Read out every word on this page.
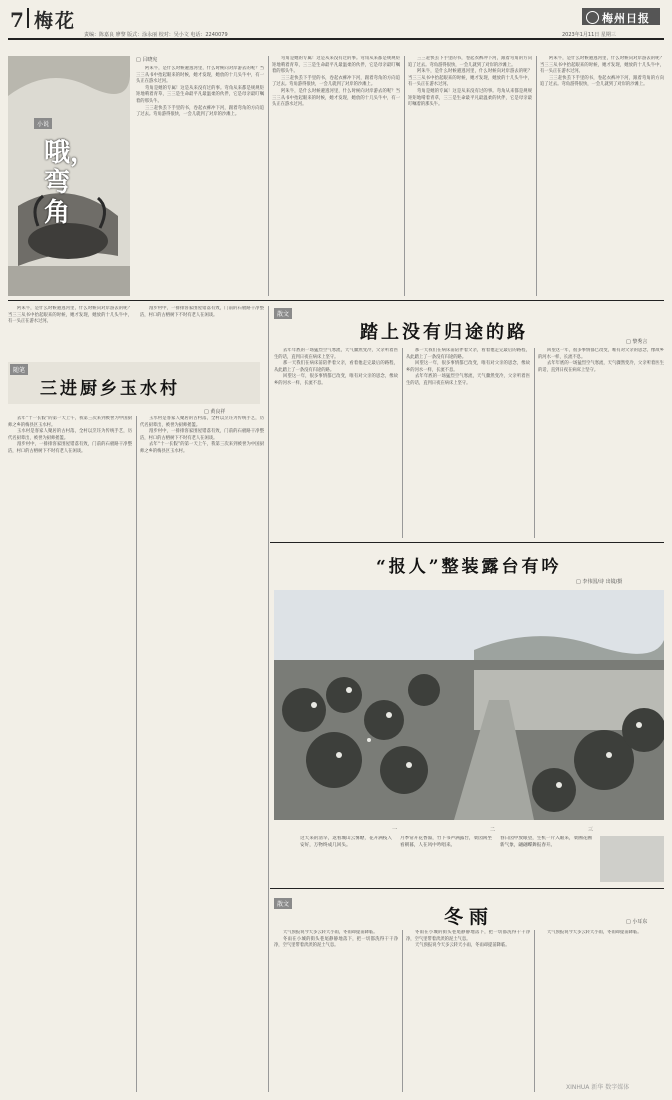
7 梅花
责编：陈嘉良 廖黎 版式：涂永丽 校对：吴小文 电话：2240079
梅州日报
2023年1月11日 星期三
小说
哦，弯角
□ 吕晓宪

阿朱牛，是什么时候避逃河里，什么时候向对岸游去的呢？当三三从书中抬起眼来的时候，她才发现，她放的十几头牛中，有一头正在游水过河。

弯角是她的专属！这是从来没有过的事。弯角从来都是规规矩矩地啃着青草，三三是生命最平凡最温柔的伙伴，它是母亲最叮嘱着的那头牛。

三三赶快丢下手里的书，卷起衣裤冲下河，跟着弯角的方向追了过去。弯角游得很快，一会儿就到了对岸的沙滩上。

弯角是她的专属！这是从来没有过的事。弯角从来都是规规矩矩地啃着青草，三三是生命最平凡最温柔的伙伴，它是母亲最叮嘱着的那头牛。

三三赶快丢下手里的书，卷起衣裤冲下河，跟着弯角的方向追了过去。弯角游得很快，一会儿就到了对岸的沙滩上。

阿朱牛，是什么时候避逃河里，什么时候向对岸游去的呢？当三三从书中抬起眼来的时候，她才发现，她放的十几头牛中，有一头正在游水过河。

三三赶快丢下手里的书，卷起衣裤冲下河，跟着弯角的方向追了过去。弯角游得很快，一会儿就到了对岸的沙滩上。

阿朱牛，是什么时候避逃河里，什么时候向对岸游去的呢？当三三从书中抬起眼来的时候，她才发现，她放的十几头牛中，有一头正在游水过河。

弯角是她的专属！这是从来没有过的事。弯角从来都是规规矩矩地啃着青草，三三是生命最平凡最温柔的伙伴，它是母亲最叮嘱着的那头牛。

阿朱牛，是什么时候避逃河里，什么时候向对岸游去的呢？当三三从书中抬起眼来的时候，她才发现，她放的十几头牛中，有一头正在游水过河。

三三赶快丢下手里的书，卷起衣裤冲下河，跟着弯角的方向追了过去。弯角游得很快，一会儿就到了对岸的沙滩上。

随笔
三进厨乡玉水村
□ 黄良祥

去年“十一长假”的第一天上午，我第三次来到被誉为中国厨师之乡的梅县区玉水村。

玉水村是客家人聚居的古村落，全村以烹饪为传统手艺，历代名厨辈出，被誉为厨师摇篮。

漫步村中，一排排客家围屋错落有致，门前的石板路干净整洁，村口的古榕树下不时有老人在闲谈。

玉水村是客家人聚居的古村落，全村以烹饪为传统手艺，历代名厨辈出，被誉为厨师摇篮。

漫步村中，一排排客家围屋错落有致，门前的石板路干净整洁，村口的古榕树下不时有老人在闲谈。

去年“十一长假”的第一天上午，我第三次来到被誉为中国厨师之乡的梅县区玉水村。

漫步村中，一排排客家围屋错落有致，门前的石板路干净整洁，村口的古榕树下不时有老人在闲谈。

阿朱牛，是什么时候避逃河里，什么时候向对岸游去的呢？当三三从书中抬起眼来的时候，她才发现，她放的十几头牛中，有一头正在游水过河。

散文
踏上没有归途的路	□ 黎秀言

去年年底的一场猛烈空气寒流，天气骤然变冷，父亲听着医生的话，直到日夜在病床上坚守。

那一天我们在病床前陪伴着父亲，看着他走完最后的路程，从此踏上了一条没有归途的路。

回望这一年，很多事情都已改变，唯有对父亲的思念，像故乡的河水一样，长流不息。

那一天我们在病床前陪伴着父亲，看着他走完最后的路程，从此踏上了一条没有归途的路。

回望这一年，很多事情都已改变，唯有对父亲的思念，像故乡的河水一样，长流不息。

去年年底的一场猛烈空气寒流，天气骤然变冷，父亲听着医生的话，直到日夜在病床上坚守。

回望这一年，很多事情都已改变，唯有对父亲的思念，像故乡的河水一样，长流不息。

去年年底的一场猛烈空气寒流，天气骤然变冷，父亲听着医生的话，直到日夜在病床上坚守。

“报人”整装露台有吟
□ 李伟国/诗 出镜/摄
一	二	三
这天来的清早，返看城山云雾缭，花开满枝人安好，万物终成几回头。
月季常开花香溢，竹下书声满露台，菜园闲坐看朝暮，人在风中吟唱来。
春日园中放眼望，生机一片入眼来，菜圃花圃新气象，翩翩蝶舞报春开。
散文
冬雨	□ 小耳东

天气预报说今天多云转天小雨，冬雨却提前降临。

冬雨在小城的街头巷尾静静地落下，把一切都洗得干干净净，空气里带着淡淡的泥土气息。

冬雨在小城的街头巷尾静静地落下，把一切都洗得干干净净，空气里带着淡淡的泥土气息。

天气预报说今天多云转天小雨，冬雨却提前降临。

天气预报说今天多云转天小雨，冬雨却提前降临。

XINHUA 新华 数字媒体
